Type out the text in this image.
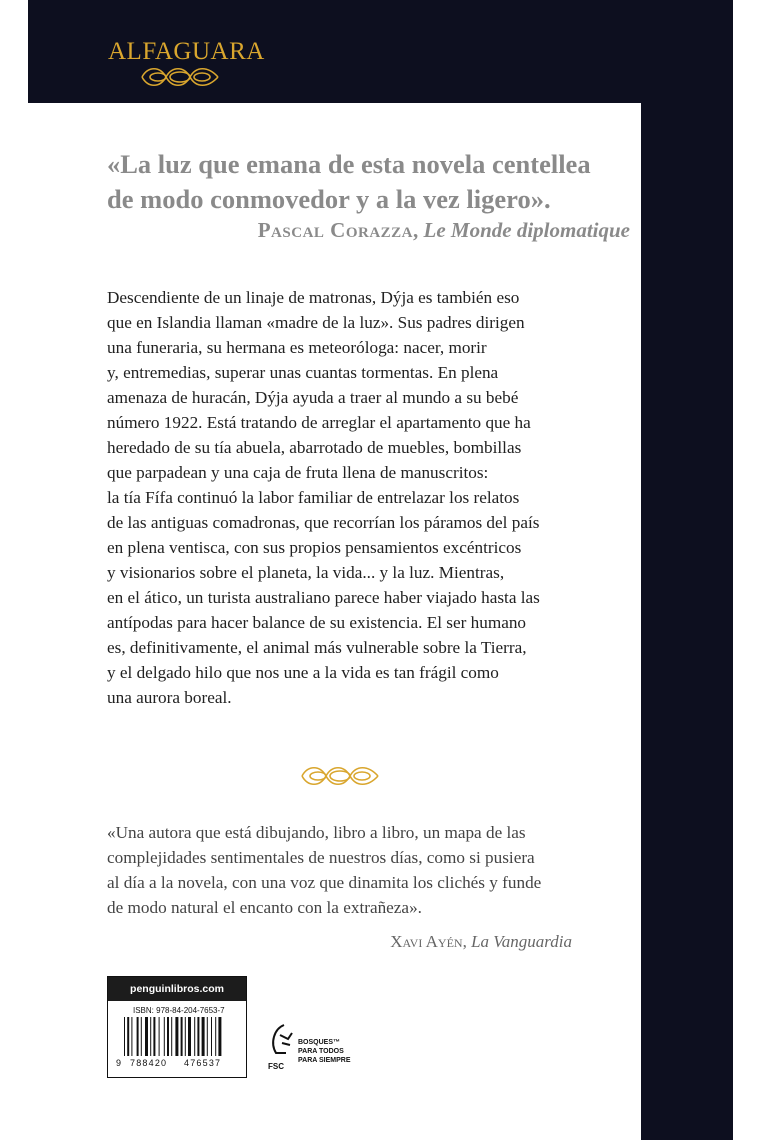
ALFAGUARA

«La luz que emana de esta novela centellea

de modo conmovedor y a la vez ligero».

Pascal Corazza, Le Monde diplomatique

Descendiente de un linaje de matronas, Dýja es también eso

que en Islandia llaman «madre de la luz». Sus padres dirigen

una funeraria, su hermana es meteoróloga: nacer, morir

y, entremedias, superar unas cuantas tormentas. En plena

amenaza de huracán, Dýja ayuda a traer al mundo a su bebé

número 1922. Está tratando de arreglar el apartamento que ha

heredado de su tía abuela, abarrotado de muebles, bombillas

que parpadean y una caja de fruta llena de manuscritos:

la tía Fífa continuó la labor familiar de entrelazar los relatos

de las antiguas comadronas, que recorrían los páramos del país

en plena ventisca, con sus propios pensamientos excéntricos

y visionarios sobre el planeta, la vida... y la luz. Mientras,

en el ático, un turista australiano parece haber viajado hasta las

antípodas para hacer balance de su existencia. El ser humano

es, definitivamente, el animal más vulnerable sobre la Tierra,

y el delgado hilo que nos une a la vida es tan frágil como

una aurora boreal.

«Una autora que está dibujando, libro a libro, un mapa de las

complejidades sentimentales de nuestros días, como si pusiera

al día a la novela, con una voz que dinamita los clichés y funde

de modo natural el encanto con la extrañeza».

Xavi Ayén, La Vanguardia
penguinlibros.com
ISBN: 978-84-204-7653-7
9 788420 476537	FSC
BOSQUES™
PARA TODOS
PARA SIEMPRE
